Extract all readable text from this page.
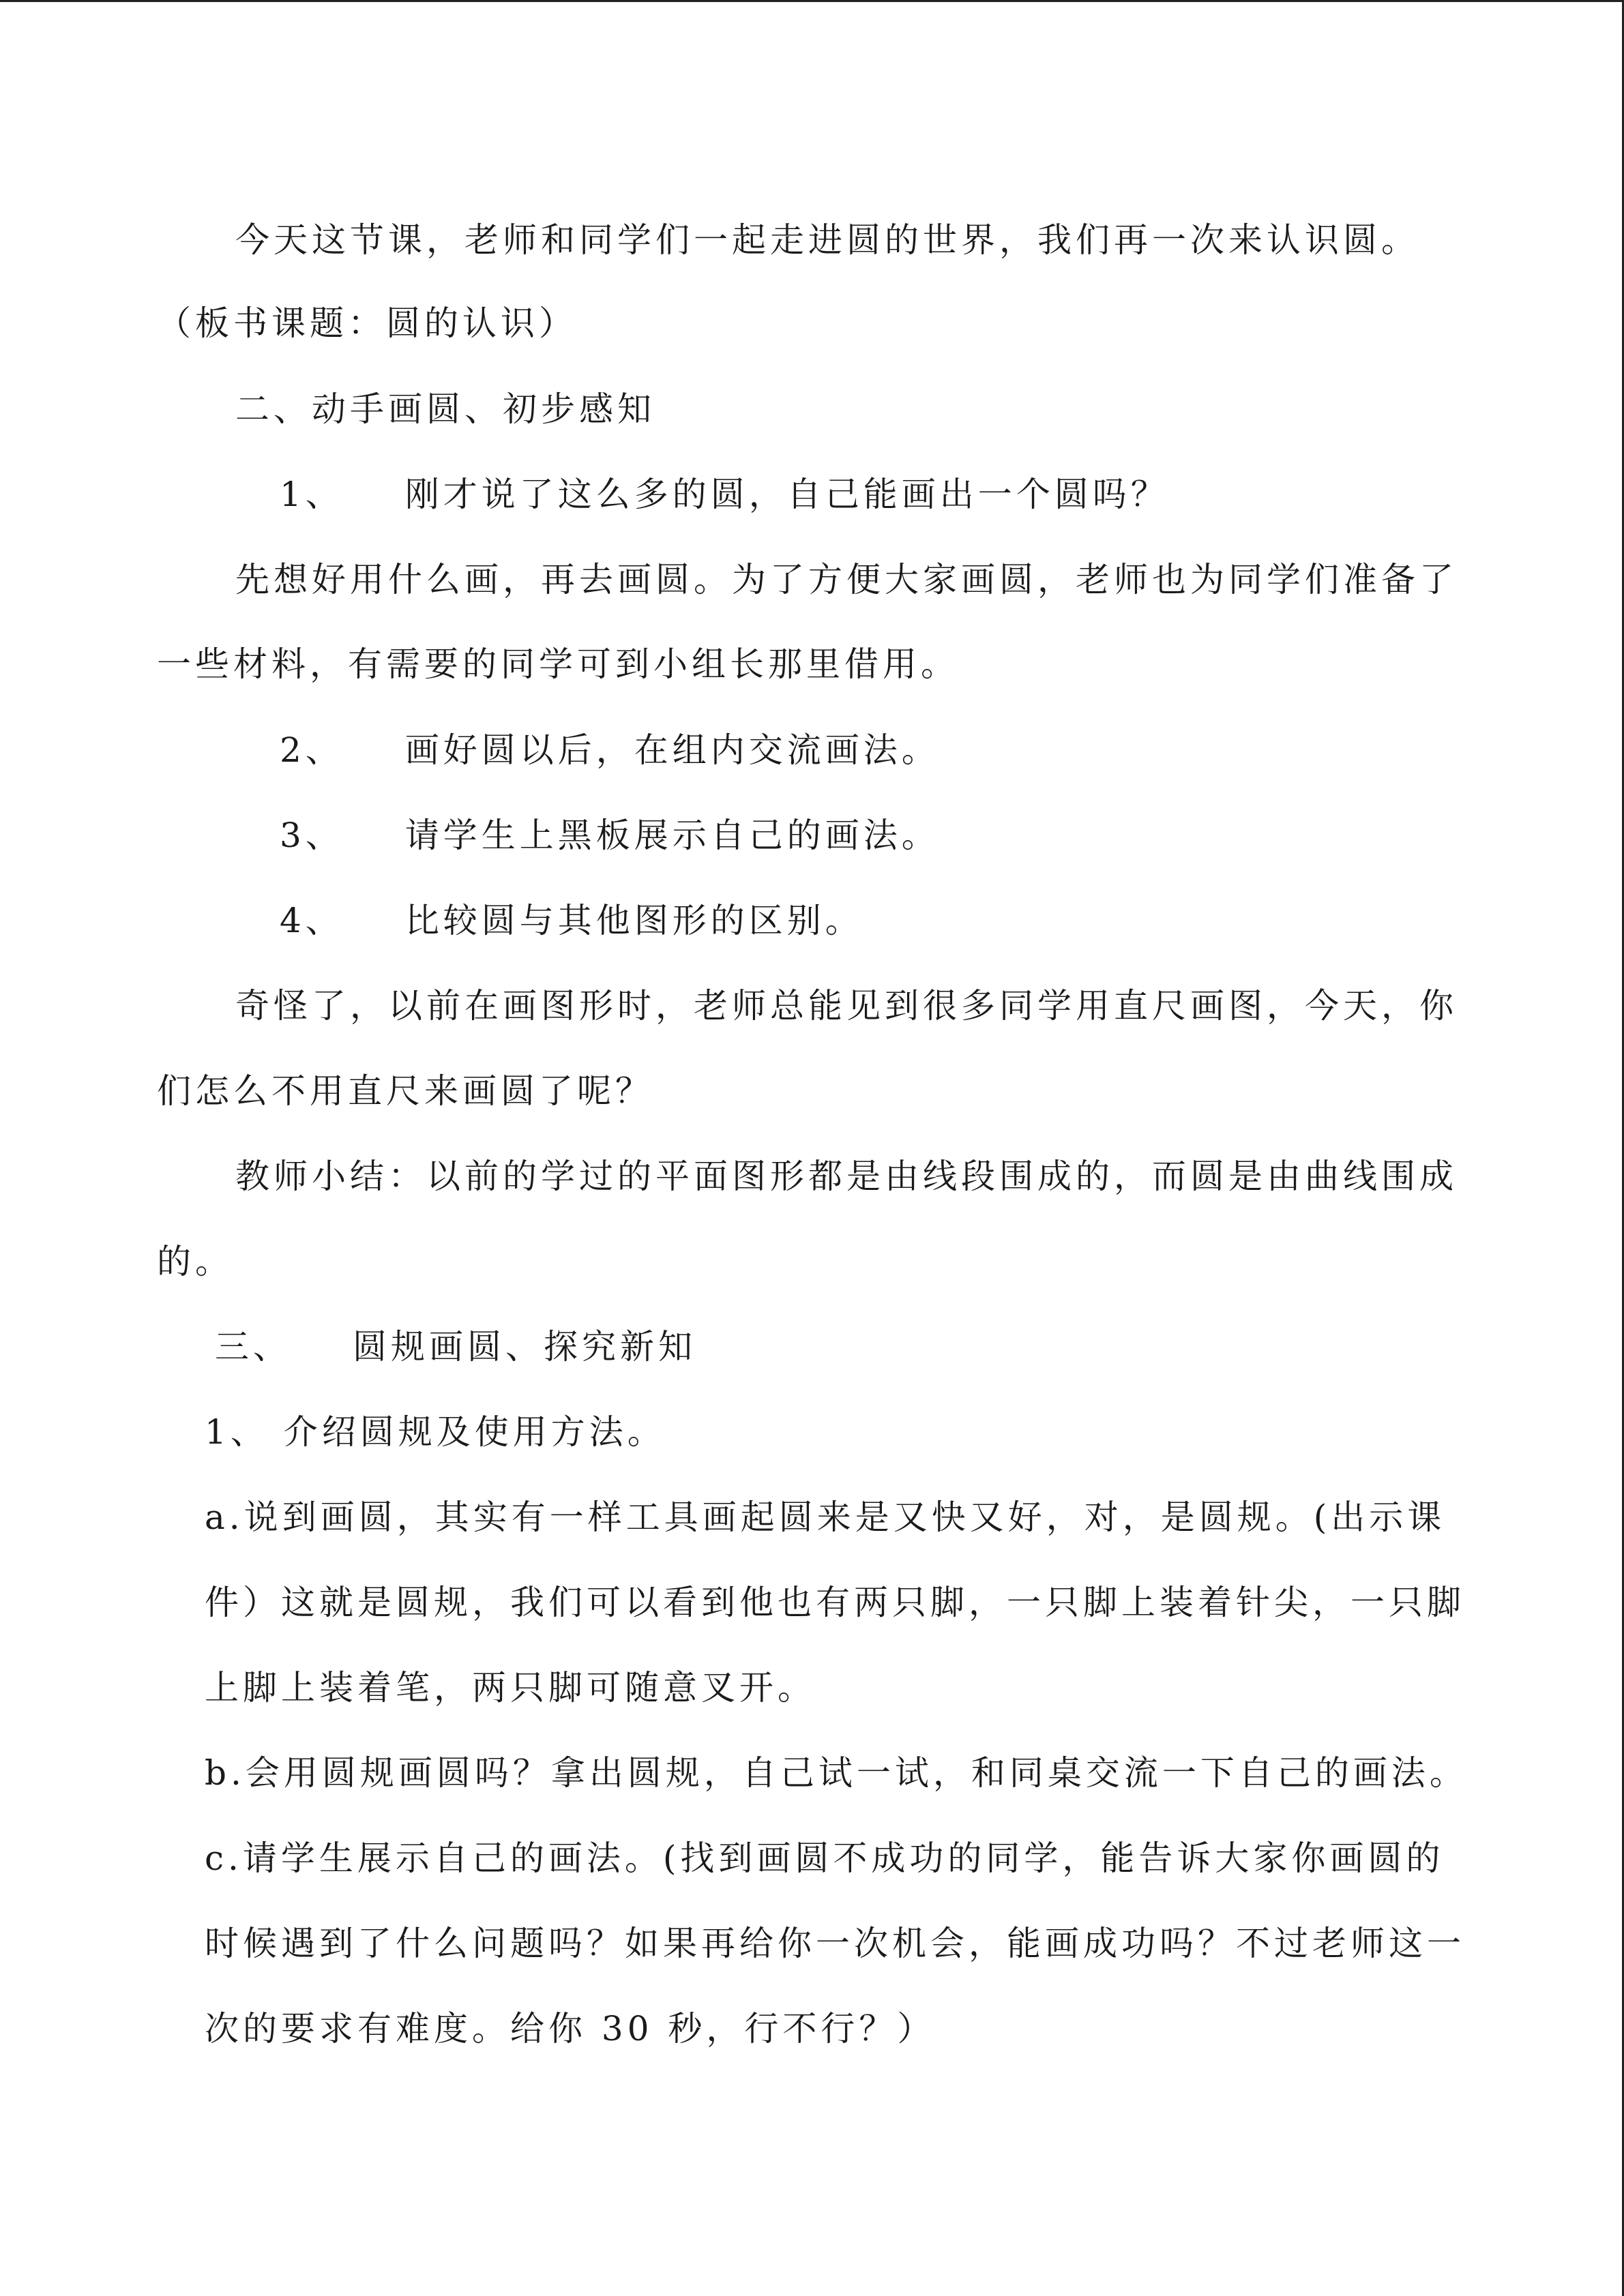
今天这节课，老师和同学们一起走进圆的世界，我们再一次来认识圆。
（板书课题：圆的认识）
二、动手画圆、初步感知
1、 刚才说了这么多的圆，自己能画出一个圆吗？
先想好用什么画，再去画圆。为了方便大家画圆，老师也为同学们准备了
一些材料，有需要的同学可到小组长那里借用。
2、 画好圆以后，在组内交流画法。
3、 请学生上黑板展示自己的画法。
4、 比较圆与其他图形的区别。
奇怪了，以前在画图形时，老师总能见到很多同学用直尺画图，今天，你
们怎么不用直尺来画圆了呢？
教师小结：以前的学过的平面图形都是由线段围成的，而圆是由曲线围成
的。
三、 圆规画圆、探究新知
1、 介绍圆规及使用方法。
a.说到画圆，其实有一样工具画起圆来是又快又好，对，是圆规。(出示课
件）这就是圆规，我们可以看到他也有两只脚，一只脚上装着针尖，一只脚
上脚上装着笔，两只脚可随意叉开。
b.会用圆规画圆吗？拿出圆规，自己试一试，和同桌交流一下自己的画法。
c.请学生展示自己的画法。(找到画圆不成功的同学，能告诉大家你画圆的
时候遇到了什么问题吗？如果再给你一次机会，能画成功吗？不过老师这一
次的要求有难度。给你 30 秒，行不行？）
